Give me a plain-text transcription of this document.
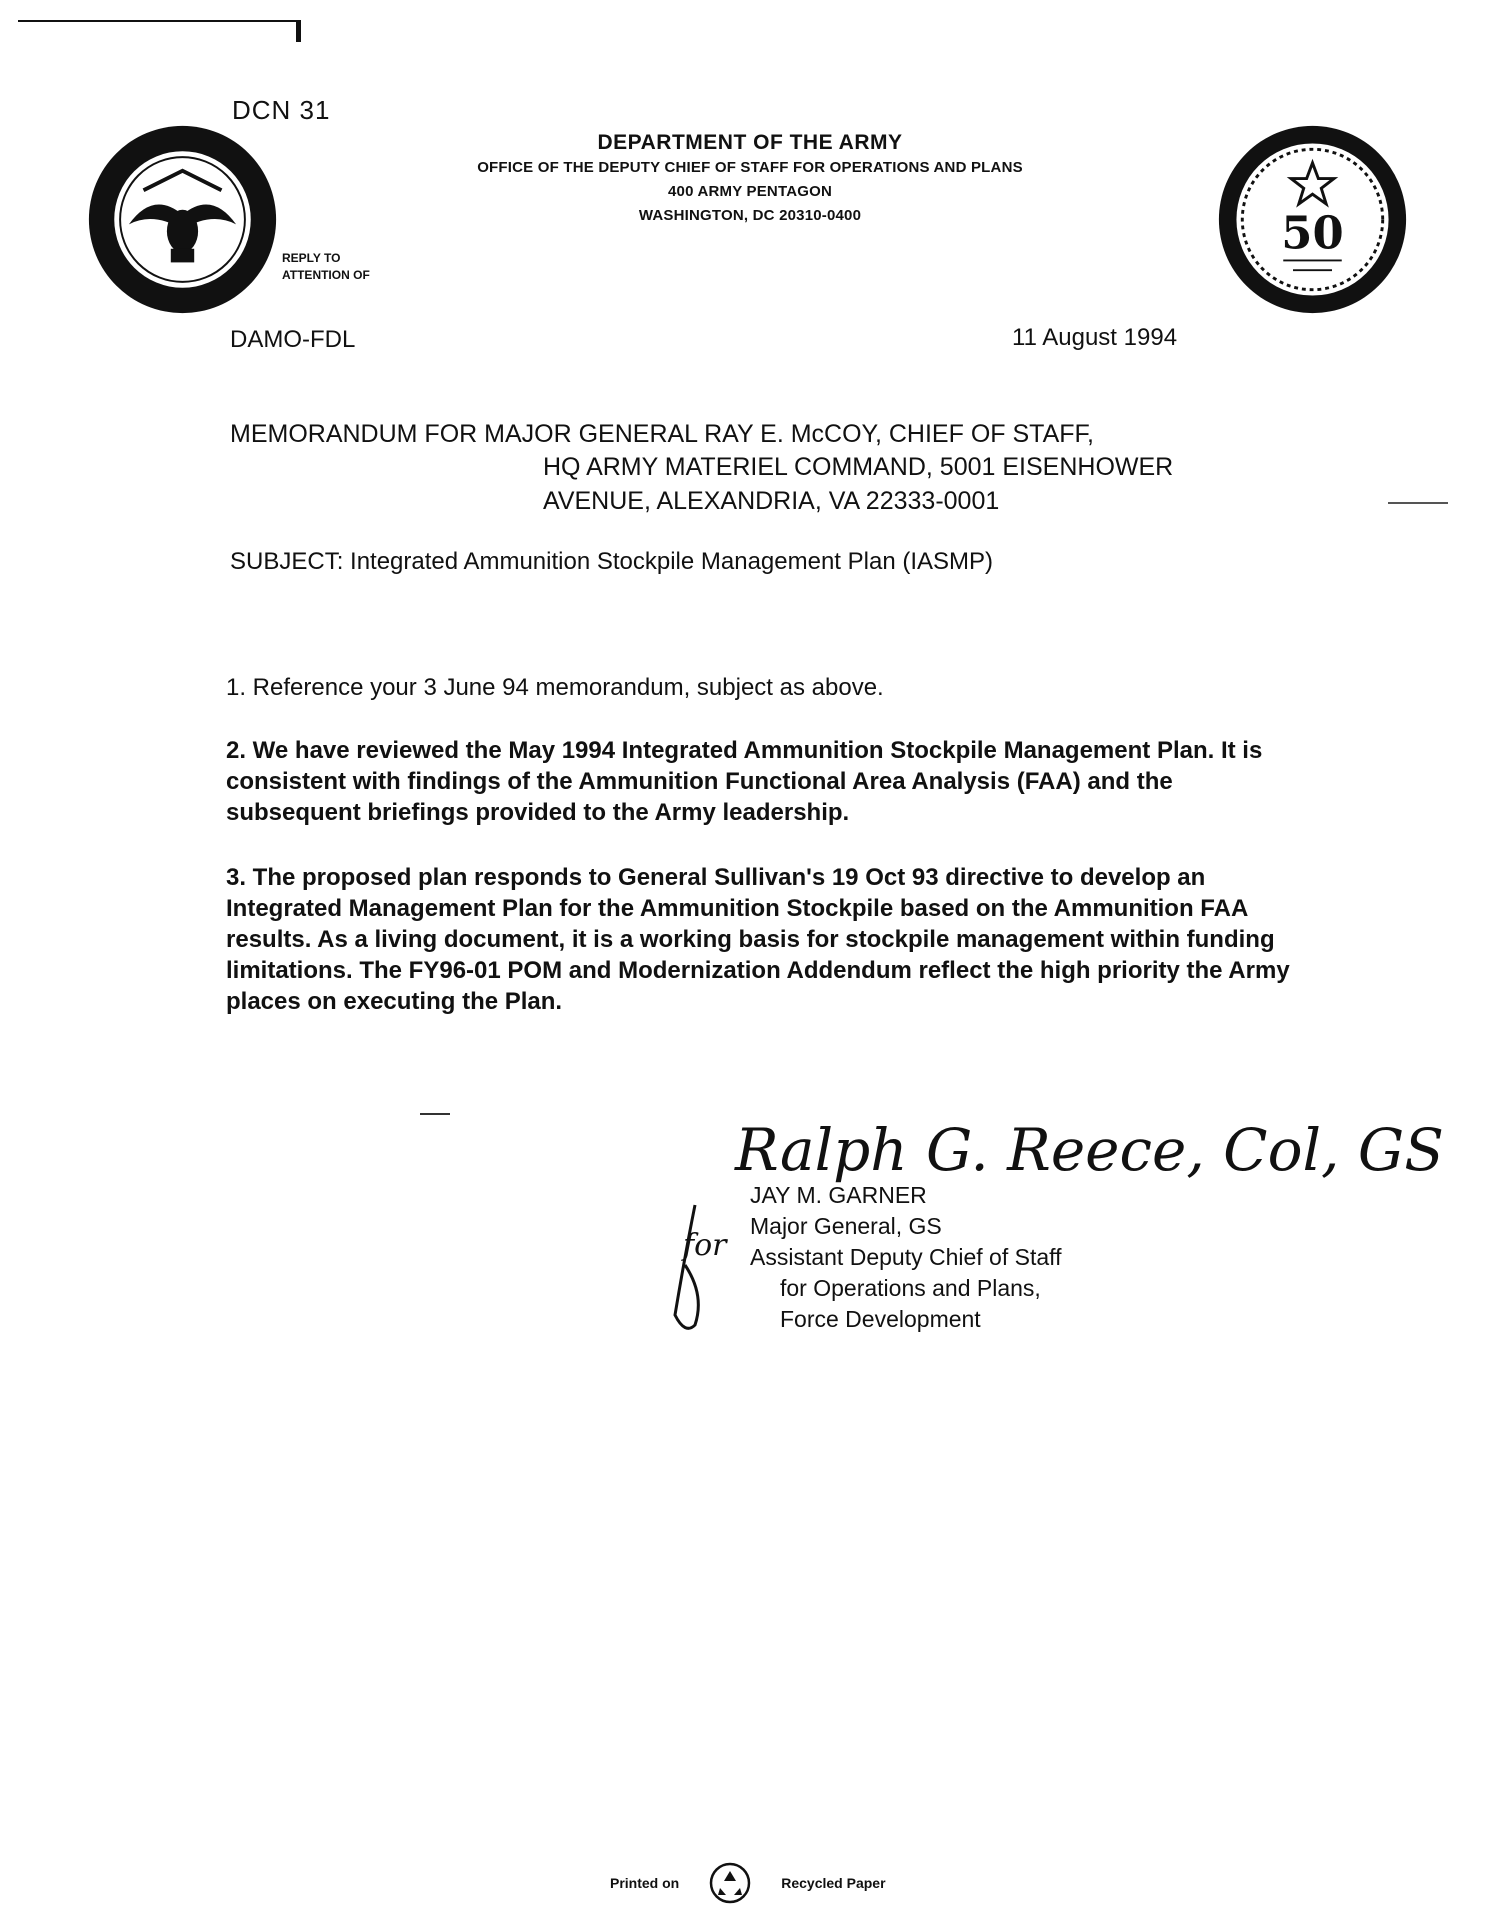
DCN 31
50
DEPARTMENT OF THE ARMY
OFFICE OF THE DEPUTY CHIEF OF STAFF FOR OPERATIONS AND PLANS
400 ARMY PENTAGON
WASHINGTON, DC 20310-0400
REPLY TO
ATTENTION OF
DAMO-FDL	11 August 1994
MEMORANDUM FOR MAJOR GENERAL RAY E. McCOY, CHIEF OF STAFF,
HQ ARMY MATERIEL COMMAND, 5001 EISENHOWER
AVENUE, ALEXANDRIA, VA 22333-0001
SUBJECT: Integrated Ammunition Stockpile Management Plan (IASMP)
1. Reference your 3 June 94 memorandum, subject as above.
2. We have reviewed the May 1994 Integrated Ammunition Stockpile Management Plan. It is consistent with findings of the Ammunition Functional Area Analysis (FAA) and the subsequent briefings provided to the Army leadership.
3. The proposed plan responds to General Sullivan's 19 Oct 93 directive to develop an Integrated Management Plan for the Ammunition Stockpile based on the Ammunition FAA results. As a living document, it is a working basis for stockpile management within funding limitations. The FY96-01 POM and Modernization Addendum reflect the high priority the Army places on executing the Plan.
Ralph G. Reece, Col, GS
for
JAY M. GARNER
Major General, GS
Assistant Deputy Chief of Staff
for Operations and Plans,
Force Development
Printed on	Recycled Paper
